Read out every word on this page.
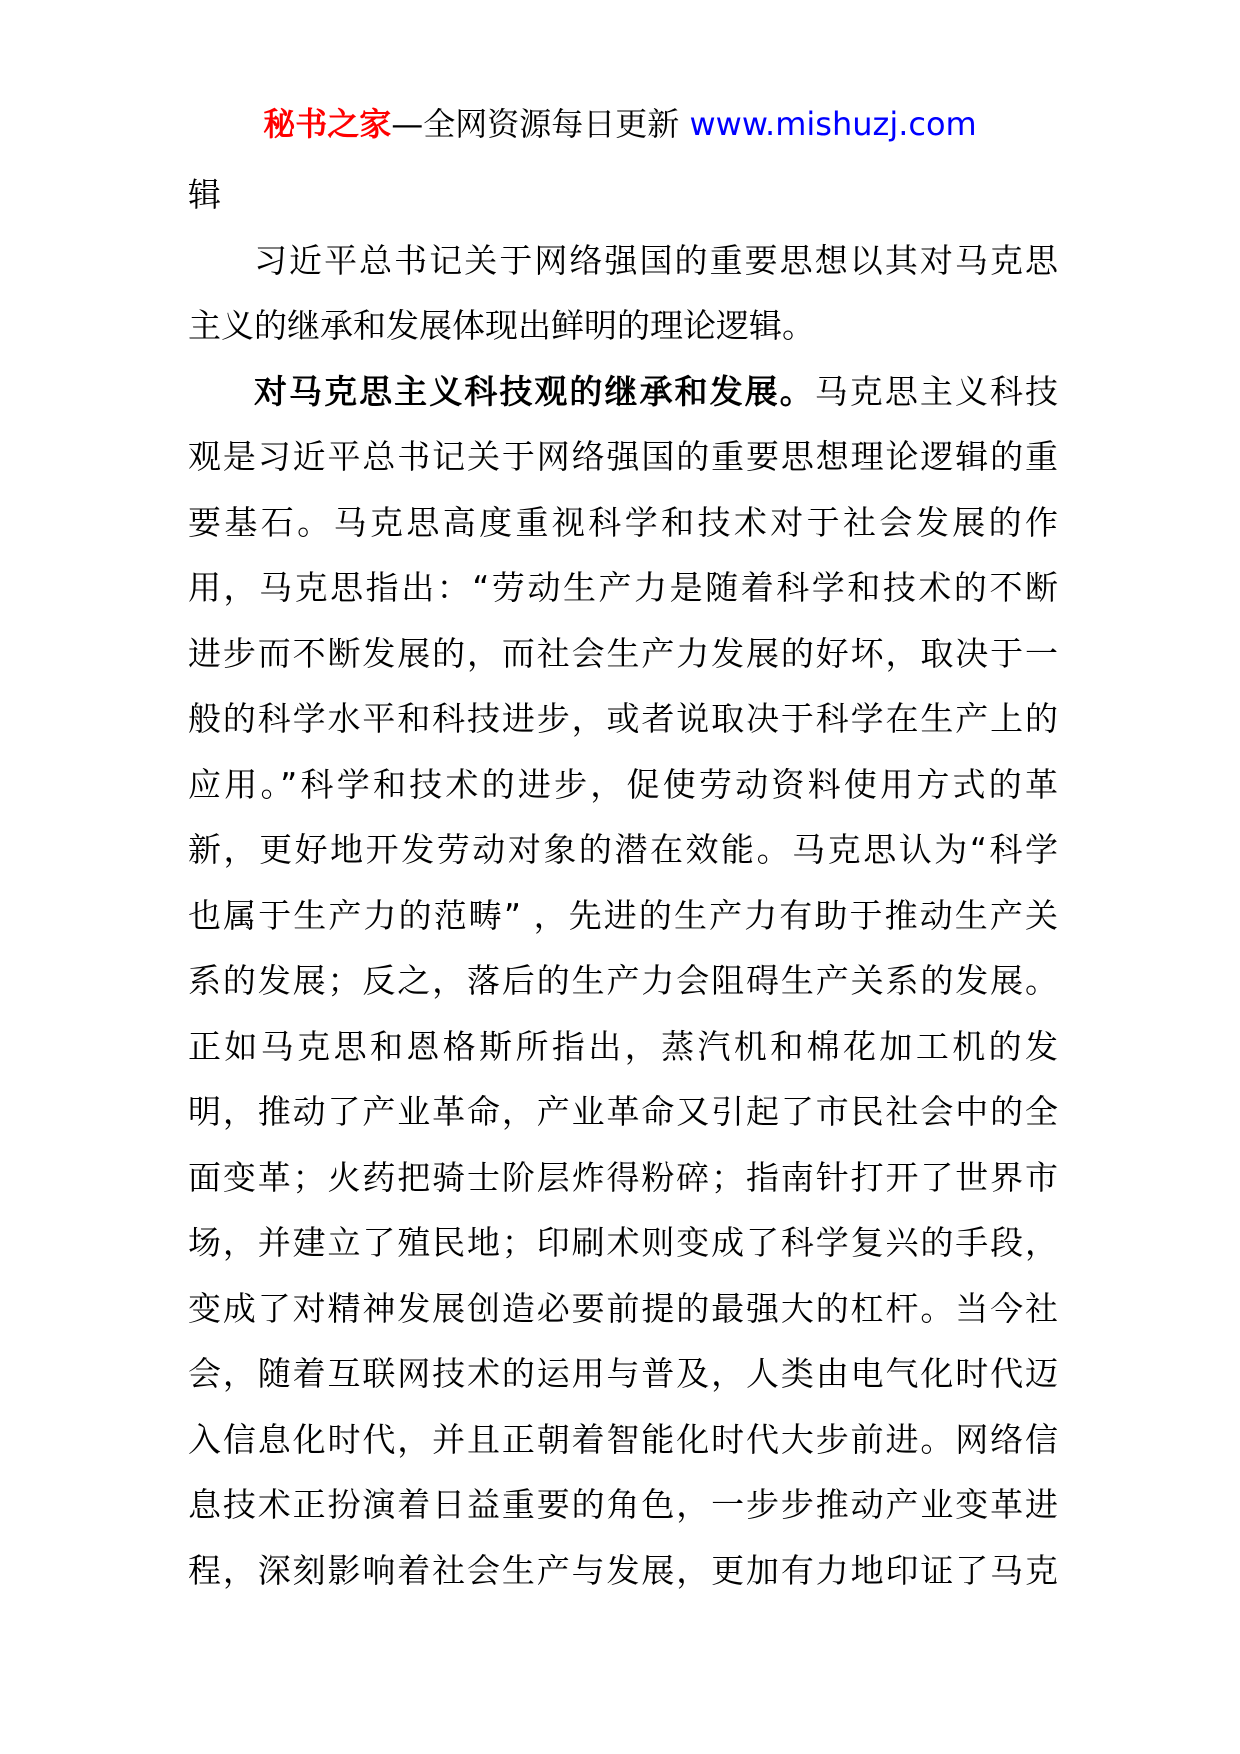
秘书之家—全网资源每日更新 www.mishuzj.com
辑
习近平总书记关于网络强国的重要思想以其对马克思
主义的继承和发展体现出鲜明的理论逻辑。
对马克思主义科技观的继承和发展。马克思主义科技
观是习近平总书记关于网络强国的重要思想理论逻辑的重
要基石。马克思高度重视科学和技术对于社会发展的作
用，马克思指出：“劳动生产力是随着科学和技术的不断
进步而不断发展的，而社会生产力发展的好坏，取决于一
般的科学水平和科技进步，或者说取决于科学在生产上的
应用。”科学和技术的进步，促使劳动资料使用方式的革
新，更好地开发劳动对象的潜在效能。马克思认为“科学
也属于生产力的范畴” ，先进的生产力有助于推动生产关
系的发展；反之，落后的生产力会阻碍生产关系的发展。
正如马克思和恩格斯所指出，蒸汽机和棉花加工机的发
明，推动了产业革命，产业革命又引起了市民社会中的全
面变革；火药把骑士阶层炸得粉碎；指南针打开了世界市
场，并建立了殖民地；印刷术则变成了科学复兴的手段，
变成了对精神发展创造必要前提的最强大的杠杆。当今社
会，随着互联网技术的运用与普及，人类由电气化时代迈
入信息化时代，并且正朝着智能化时代大步前进。网络信
息技术正扮演着日益重要的角色，一步步推动产业变革进
程，深刻影响着社会生产与发展，更加有力地印证了马克
